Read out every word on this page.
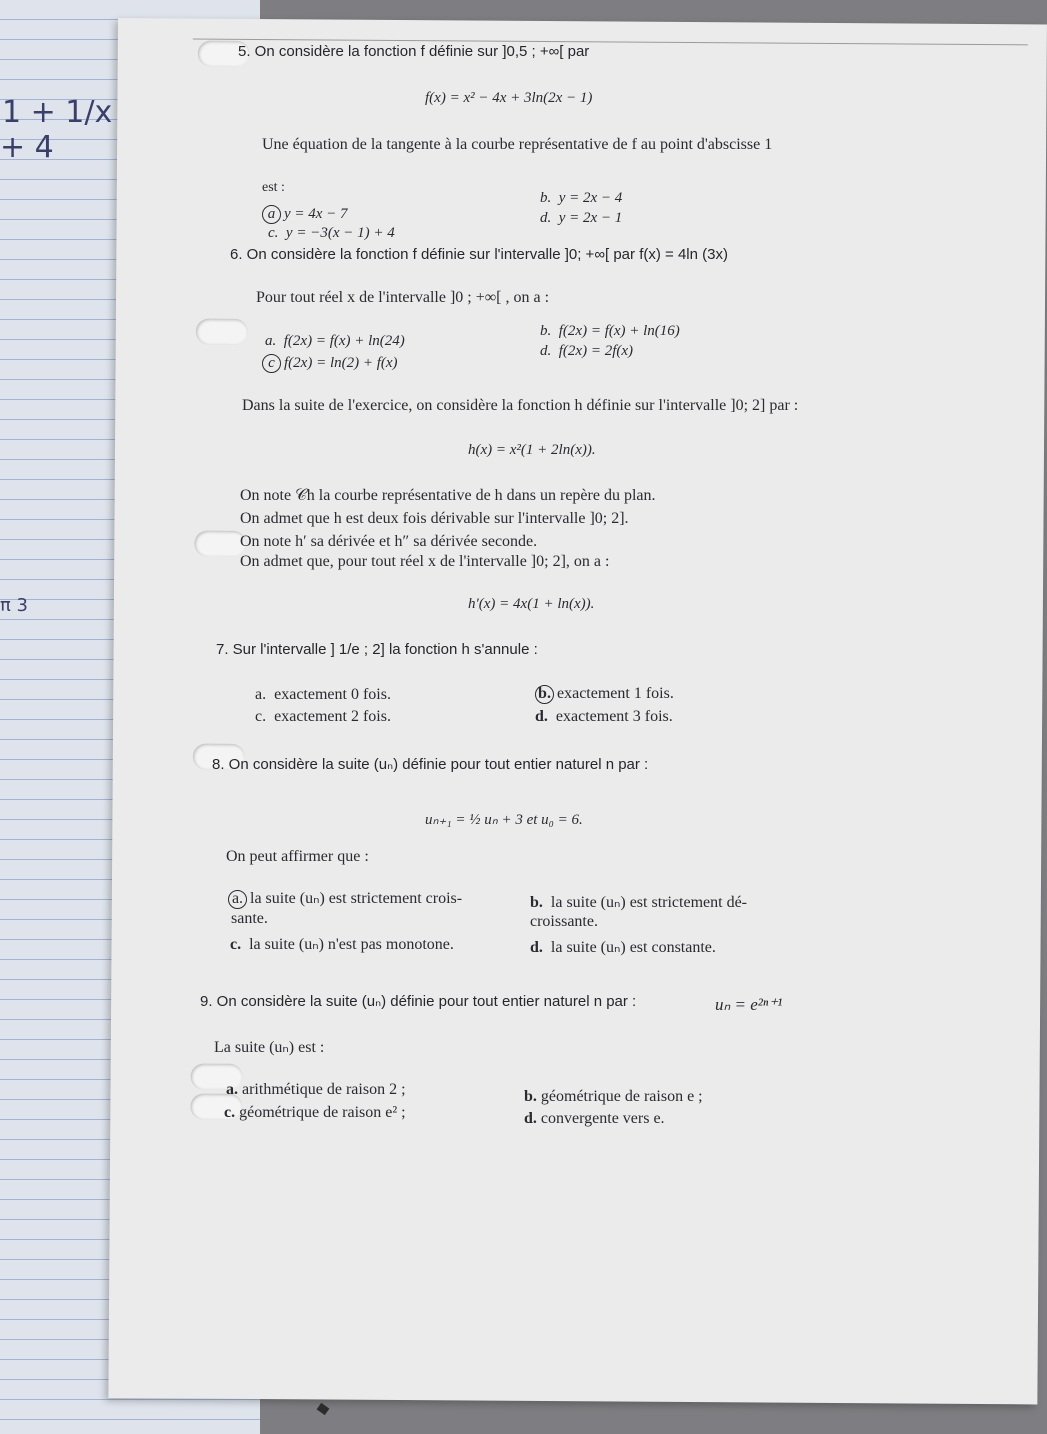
1 + 1/x
+ 4
π 3
5. On considère la fonction f définie sur ]0,5 ; +∞[ par
f(x) = x² − 4x + 3ln(2x − 1)
Une équation de la tangente à la courbe représentative de f au point d'abscisse 1
est :
a y = 4x − 7
c. y = −3(x − 1) + 4
b. y = 2x − 4
d. y = 2x − 1
6. On considère la fonction f définie sur l'intervalle ]0; +∞[ par f(x) = 4ln (3x)
Pour tout réel x de l'intervalle ]0 ; +∞[ , on a :
a. f(2x) = f(x) + ln(24)
c f(2x) = ln(2) + f(x)
b. f(2x) = f(x) + ln(16)
d. f(2x) = 2f(x)
Dans la suite de l'exercice, on considère la fonction h définie sur l'intervalle ]0; 2] par :
h(x) = x²(1 + 2ln(x)).
On note 𝒞h la courbe représentative de h dans un repère du plan.
On admet que h est deux fois dérivable sur l'intervalle ]0; 2].
On note h′ sa dérivée et h″ sa dérivée seconde.
On admet que, pour tout réel x de l'intervalle ]0; 2], on a :
h′(x) = 4x(1 + ln(x)).
7. Sur l'intervalle ] 1/e ; 2] la fonction h s'annule :
a. exactement 0 fois.
c. exactement 2 fois.
b. exactement 1 fois.
d. exactement 3 fois.
8. On considère la suite (uₙ) définie pour tout entier naturel n par :
uₙ₊₁ = ½ uₙ + 3 et u₀ = 6.
On peut affirmer que :
a. la suite (uₙ) est strictement crois-
sante.
c. la suite (uₙ) n'est pas monotone.
b. la suite (uₙ) est strictement dé-
croissante.
d. la suite (uₙ) est constante.
9. On considère la suite (uₙ) définie pour tout entier naturel n par :	uₙ = e²ⁿ⁺¹
La suite (uₙ) est :
a. arithmétique de raison 2 ;
c. géométrique de raison e² ;
b. géométrique de raison e ;
d. convergente vers e.
